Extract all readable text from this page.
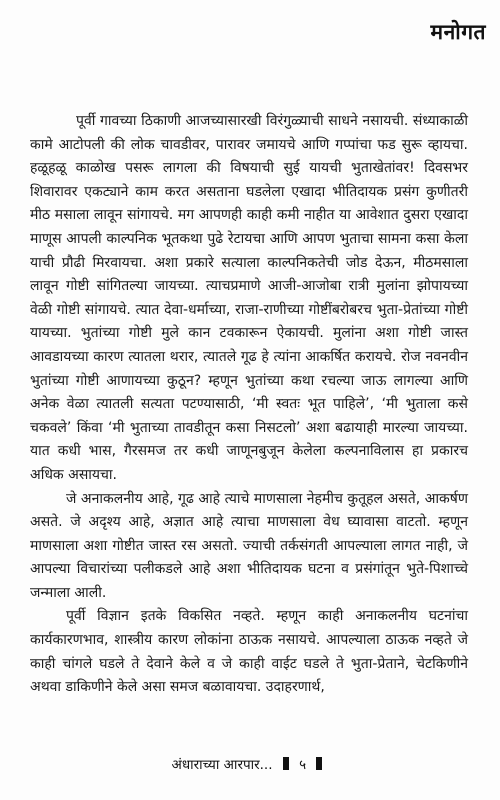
मनोगत

पूर्वी गावच्या ठिकाणी आजच्यासारखी विरंगुळ्याची साधने नसायची. संध्याकाळी कामे आटोपली की लोक चावडीवर, पारावर जमायचे आणि गप्पांचा फड सुरू व्हायचा. हळूहळू काळोख पसरू लागला की विषयाची सुई यायची भुताखेतांवर! दिवसभर शिवारावर एकट्याने काम करत असताना घडलेला एखादा भीतिदायक प्रसंग कुणीतरी मीठ मसाला लावून सांगायचे. मग आपणही काही कमी नाहीत या आवेशात दुसरा एखादा माणूस आपली काल्पनिक भूतकथा पुढे रेटायचा आणि आपण भुताचा सामना कसा केला याची प्रौढी मिरवायचा. अशा प्रकारे सत्याला काल्पनिकतेची जोड देऊन, मीठमसाला लावून गोष्टी सांगितल्या जायच्या. त्याचप्रमाणे आजी-आजोबा रात्री मुलांना झोपायच्या वेळी गोष्टी सांगायचे. त्यात देवा-धर्माच्या, राजा-राणीच्या गोष्टींबरोबरच भुता-प्रेतांच्या गोष्टी यायच्या. भुतांच्या गोष्टी मुले कान टवकारून ऐकायची. मुलांना अशा गोष्टी जास्त आवडायच्या कारण त्यातला थरार, त्यातले गूढ हे त्यांना आकर्षित करायचे. रोज नवनवीन भुतांच्या गोष्टी आणायच्या कुठून? म्हणून भुतांच्या कथा रचल्या जाऊ लागल्या आणि अनेक वेळा त्यातली सत्यता पटण्यासाठी, ‘मी स्वतः भूत पाहिले’, ‘मी भुताला कसे चकवले’ किंवा ‘मी भुताच्या तावडीतून कसा निसटलो’ अशा बढायाही मारल्या जायच्या. यात कधी भास, गैरसमज तर कधी जाणूनबुजून केलेला कल्पनाविलास हा प्रकारच अधिक असायचा.

जे अनाकलनीय आहे, गूढ आहे त्याचे माणसाला नेहमीच कुतूहल असते, आकर्षण असते. जे अदृश्य आहे, अज्ञात आहे त्याचा माणसाला वेध घ्यावासा वाटतो. म्हणून माणसाला अशा गोष्टीत जास्त रस असतो. ज्याची तर्कसंगती आपल्याला लागत नाही, जे आपल्या विचारांच्या पलीकडले आहे अशा भीतिदायक घटना व प्रसंगांतून भुते-पिशाच्चे जन्माला आली.

पूर्वी विज्ञान इतके विकसित नव्हते. म्हणून काही अनाकलनीय घटनांचा कार्यकारणभाव, शास्त्रीय कारण लोकांना ठाऊक नसायचे. आपल्याला ठाऊक नव्हते जे काही चांगले घडले ते देवाने केले व जे काही वाईट घडले ते भुता-प्रेताने, चेटकिणीने अथवा डाकिणीने केले असा समज बळावायचा. उदाहरणार्थ,

अंधाराच्या आरपार... ५
